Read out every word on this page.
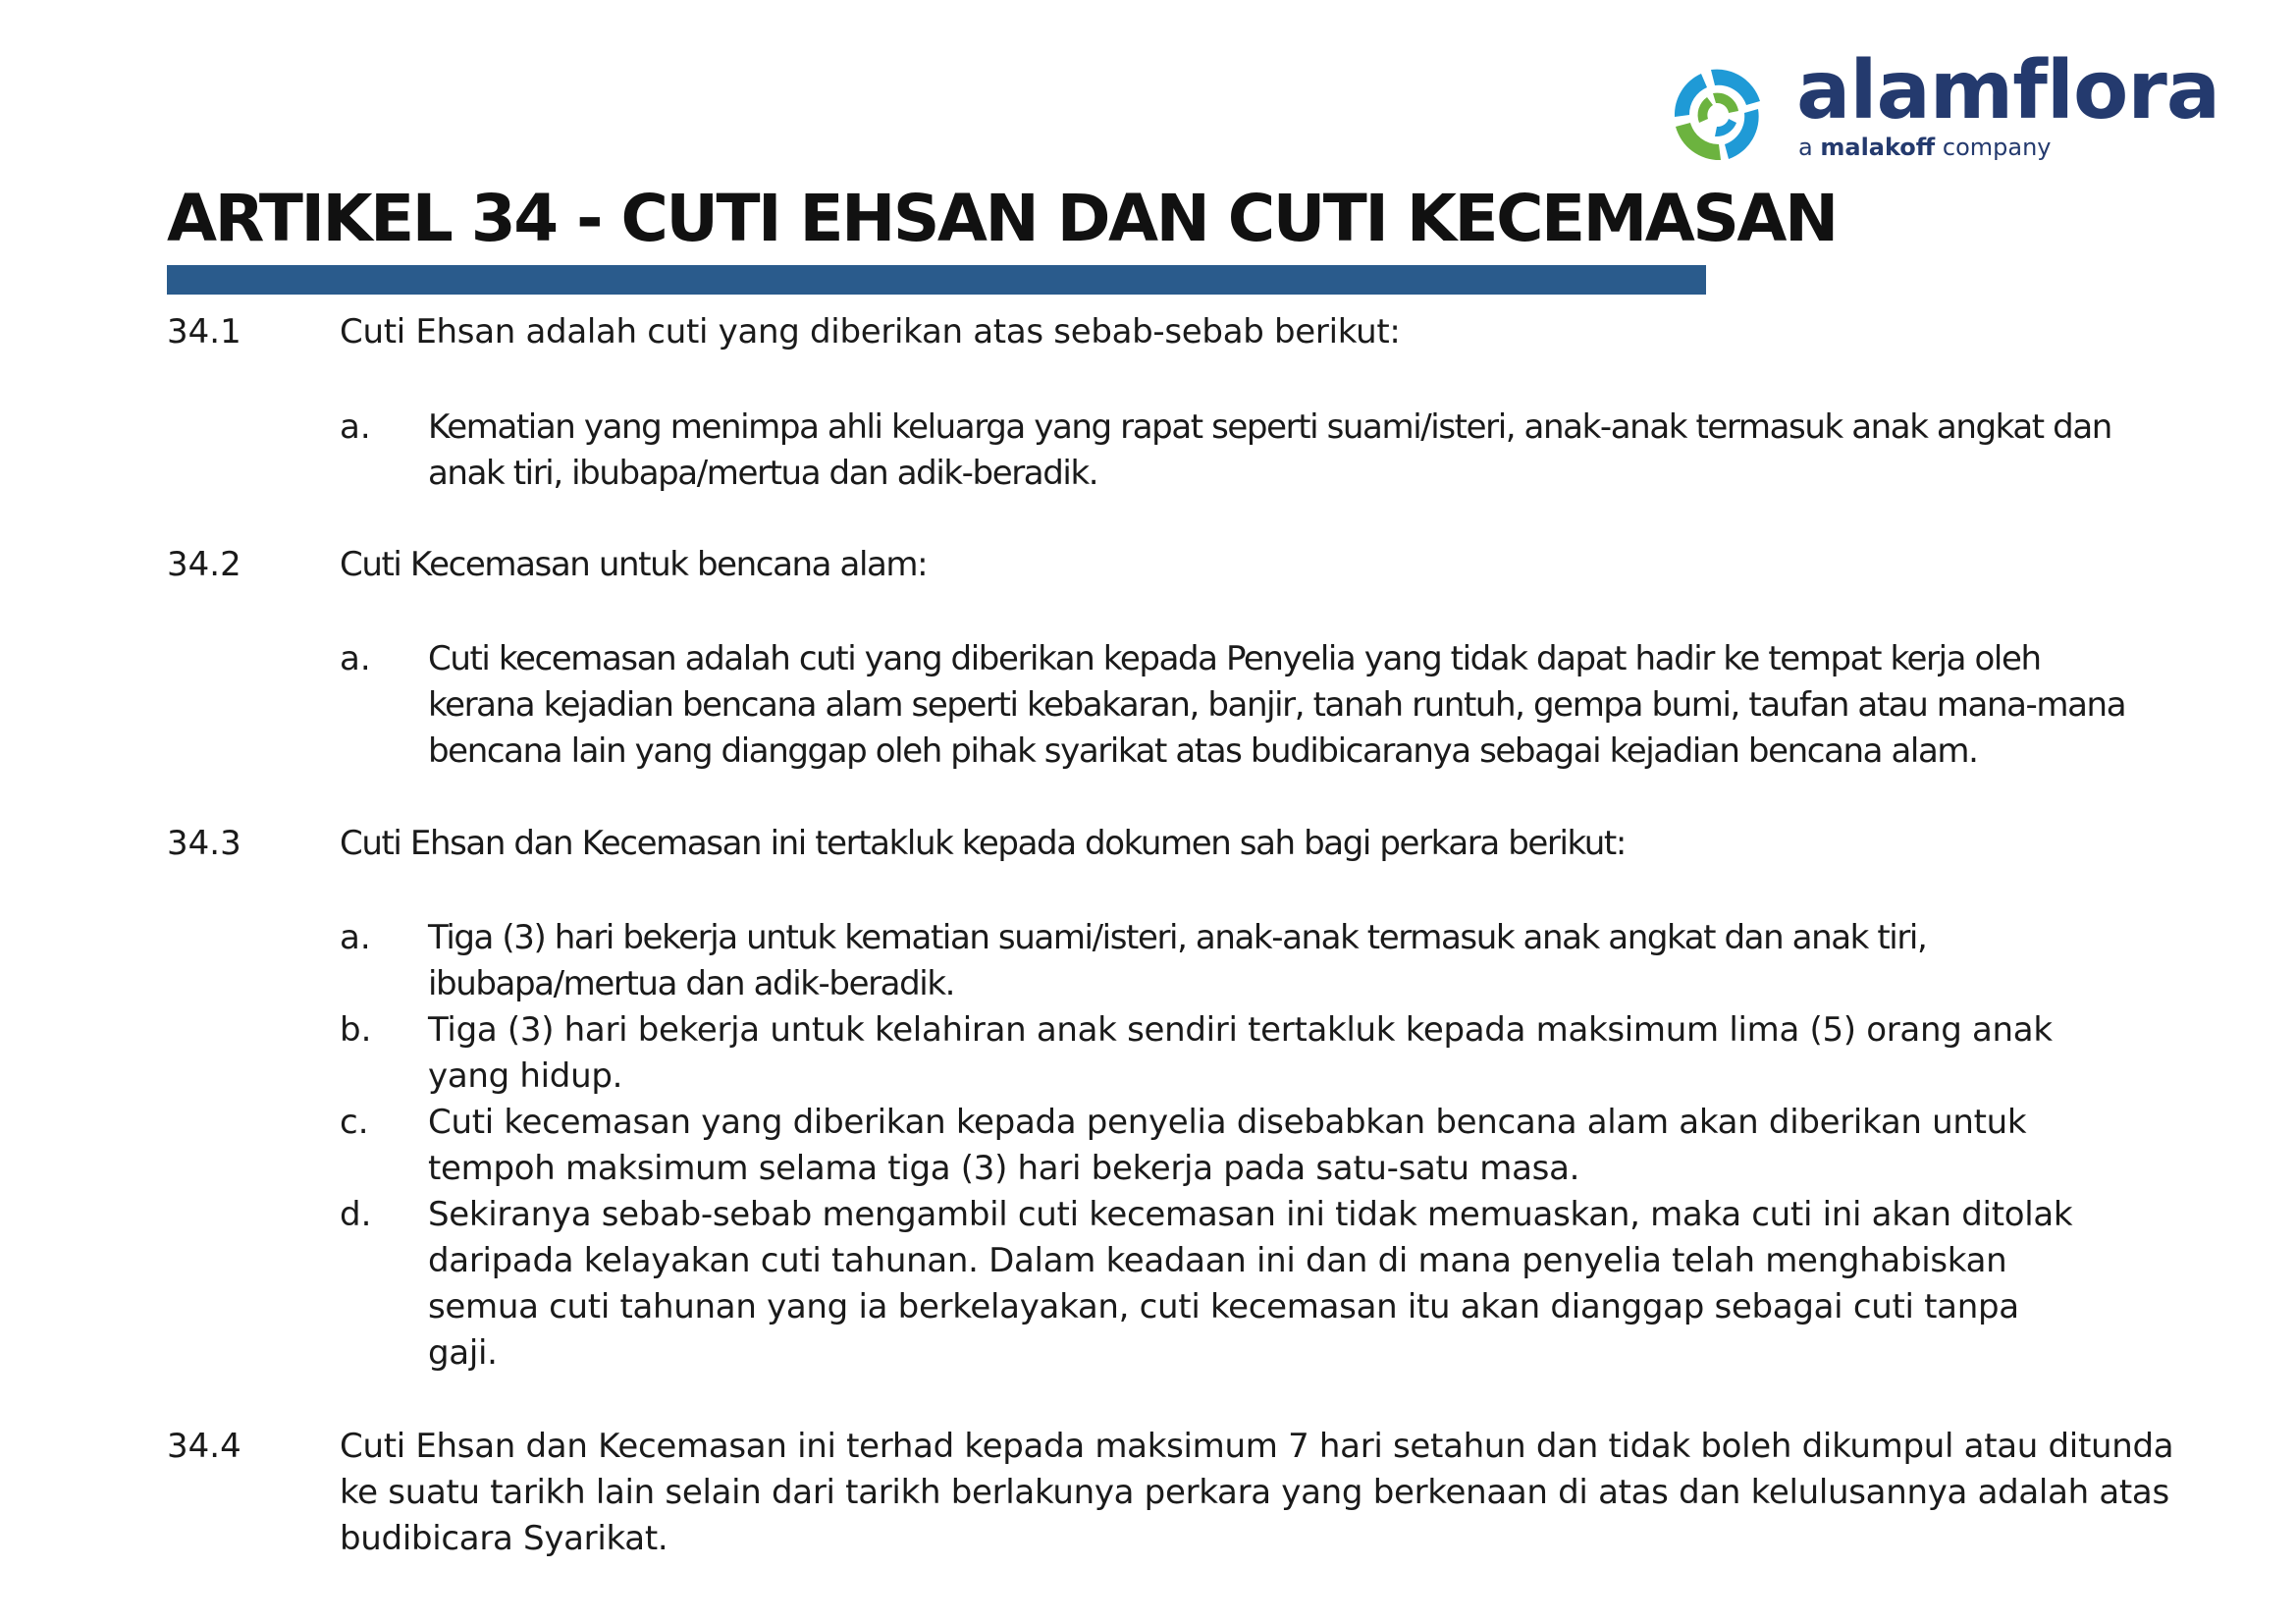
alamflora
a malakoff company
ARTIKEL 34 - CUTI EHSAN DAN CUTI KECEMASAN
34.1	Cuti Ehsan adalah cuti yang diberikan atas sebab-sebab berikut:
a. Kematian yang menimpa ahli keluarga yang rapat seperti suami/isteri, anak-anak termasuk anak angkat dan
anak tiri, ibubapa/mertua dan adik-beradik.
34.2	Cuti Kecemasan untuk bencana alam:
a. Cuti kecemasan adalah cuti yang diberikan kepada Penyelia yang tidak dapat hadir ke tempat kerja oleh
kerana kejadian bencana alam seperti kebakaran, banjir, tanah runtuh, gempa bumi, taufan atau mana-mana
bencana lain yang dianggap oleh pihak syarikat atas budibicaranya sebagai kejadian bencana alam.
34.3	Cuti Ehsan dan Kecemasan ini tertakluk kepada dokumen sah bagi perkara berikut:
a. Tiga (3) hari bekerja untuk kematian suami/isteri, anak-anak termasuk anak angkat dan anak tiri,
ibubapa/mertua dan adik-beradik.
b. Tiga (3) hari bekerja untuk kelahiran anak sendiri tertakluk kepada maksimum lima (5) orang anak
yang hidup.
c. Cuti kecemasan yang diberikan kepada penyelia disebabkan bencana alam akan diberikan untuk
tempoh maksimum selama tiga (3) hari bekerja pada satu-satu masa.
d. Sekiranya sebab-sebab mengambil cuti kecemasan ini tidak memuaskan, maka cuti ini akan ditolak
daripada kelayakan cuti tahunan. Dalam keadaan ini dan di mana penyelia telah menghabiskan
semua cuti tahunan yang ia berkelayakan, cuti kecemasan itu akan dianggap sebagai cuti tanpa
gaji.
34.4	Cuti Ehsan dan Kecemasan ini terhad kepada maksimum 7 hari setahun dan tidak boleh dikumpul atau ditunda
ke suatu tarikh lain selain dari tarikh berlakunya perkara yang berkenaan di atas dan kelulusannya adalah atas
budibicara Syarikat.
